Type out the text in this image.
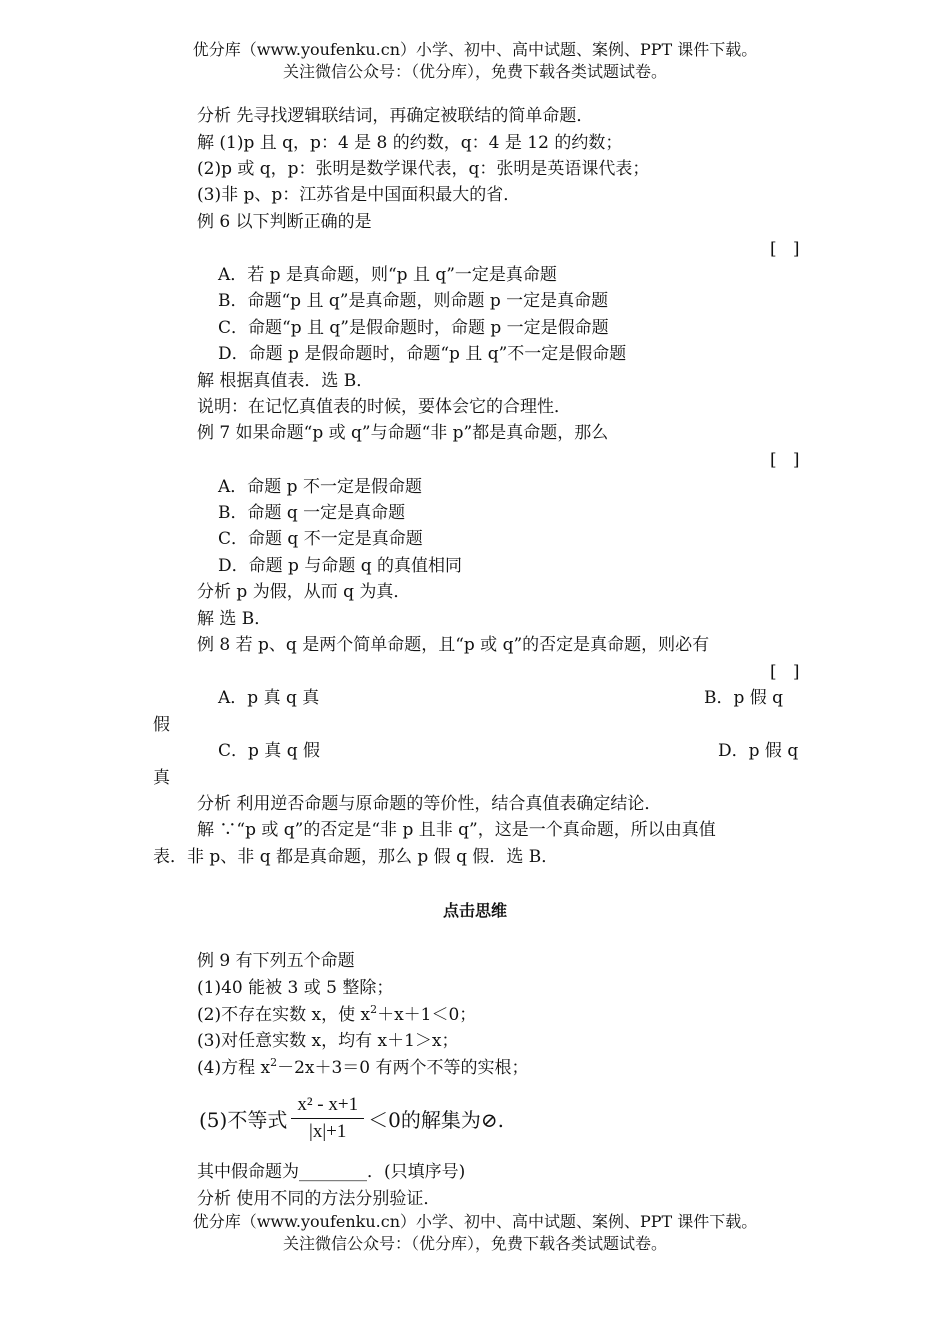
优分库（www.youfenku.cn）小学、初中、高中试题、案例、PPT 课件下载。
关注微信公众号：（优分库），免费下载各类试题试卷。
分析 先寻找逻辑联结词，再确定被联结的简单命题．
解 (1)p 且 q，p：4 是 8 的约数，q：4 是 12 的约数；
(2)p 或 q，p：张明是数学课代表，q：张明是英语课代表；
(3)非 p、p：江苏省是中国面积最大的省．
例 6 以下判断正确的是
[   ]
A．若 p 是真命题，则“p 且 q”一定是真命题
B．命题“p 且 q”是真命题，则命题 p 一定是真命题
C．命题“p 且 q”是假命题时，命题 p 一定是假命题
D．命题 p 是假命题时，命题“p 且 q”不一定是假命题
解 根据真值表．选 B．
说明：在记忆真值表的时候，要体会它的合理性．
例 7 如果命题“p 或 q”与命题“非 p”都是真命题，那么
[   ]
A．命题 p 不一定是假命题
B．命题 q 一定是真命题
C．命题 q 不一定是真命题
D．命题 p 与命题 q 的真值相同
分析 p 为假，从而 q 为真．
解 选 B．
例 8 若 p、q 是两个简单命题，且“p 或 q”的否定是真命题，则必有
[   ]
A．p 真 q 真	B．p 假 q
假
C．p 真 q 假	D．p 假 q
真
分析 利用逆否命题与原命题的等价性，结合真值表确定结论．
解 ∵“p 或 q”的否定是“非 p 且非 q”，这是一个真命题，所以由真值
表．非 p、非 q 都是真命题，那么 p 假 q 假．选 B．
点击思维
例 9 有下列五个命题
(1)40 能被 3 或 5 整除；
(2)不存在实数 x，使 $x^2+x+1<0$；
(3)对任意实数 x，均有 x＋1＞x；
(4)方程 $x^2-2x+3=0$ 有两个不等的实根；
(5)不等式 $\frac{\text{x² - x+1}}{|x|+1} <0$的解集为⊘.
其中假命题为________．(只填序号)
分析 使用不同的方法分别验证．
优分库（www.youfenku.cn）小学、初中、高中试题、案例、PPT 课件下载。
关注微信公众号：（优分库），免费下载各类试题试卷。
